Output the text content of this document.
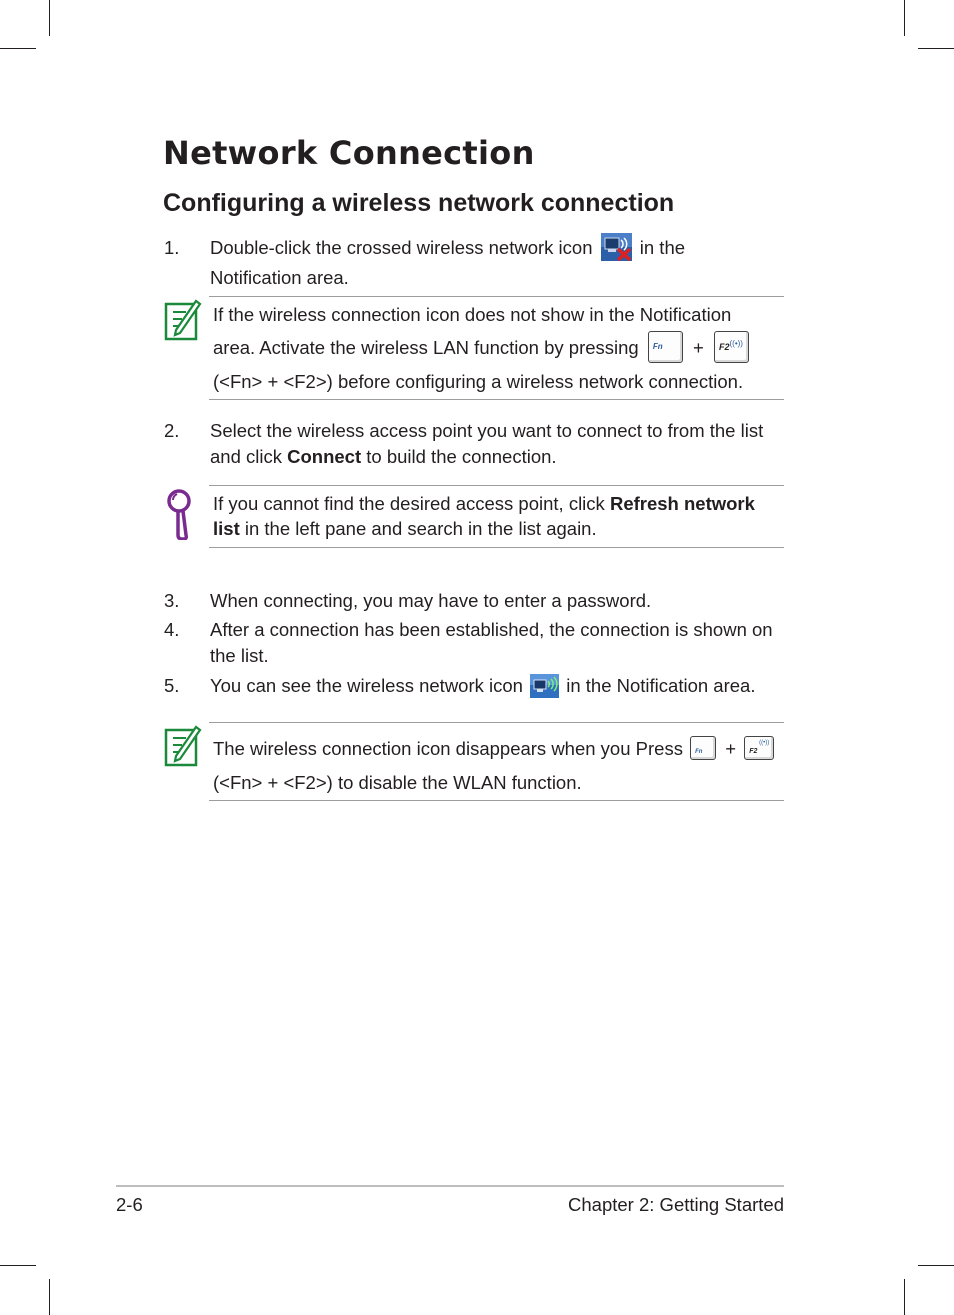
Network Connection
Configuring a wireless network connection
1. Double-click the crossed wireless network icon	in the
Notification area.
If the wireless connection icon does not show in the Notification
area. Activate the wireless LAN function by pressing Fn + F2 ((•))
(<Fn> + <F2>) before configuring a wireless network connection.
2. Select the wireless access point you want to connect to from the list
and click Connect to build the connection.
If you cannot find the desired access point, click Refresh network
list in the left pane and search in the list again.
3. When connecting, you may have to enter a password.
4. After a connection has been established, the connection is shown on
the list.
5. You can see the wireless network icon in the Notification area.
The wireless connection icon disappears when you Press Fn + F2
((•))
(<Fn> + <F2>) to disable the WLAN function.
2-6	Chapter 2: Getting Started
